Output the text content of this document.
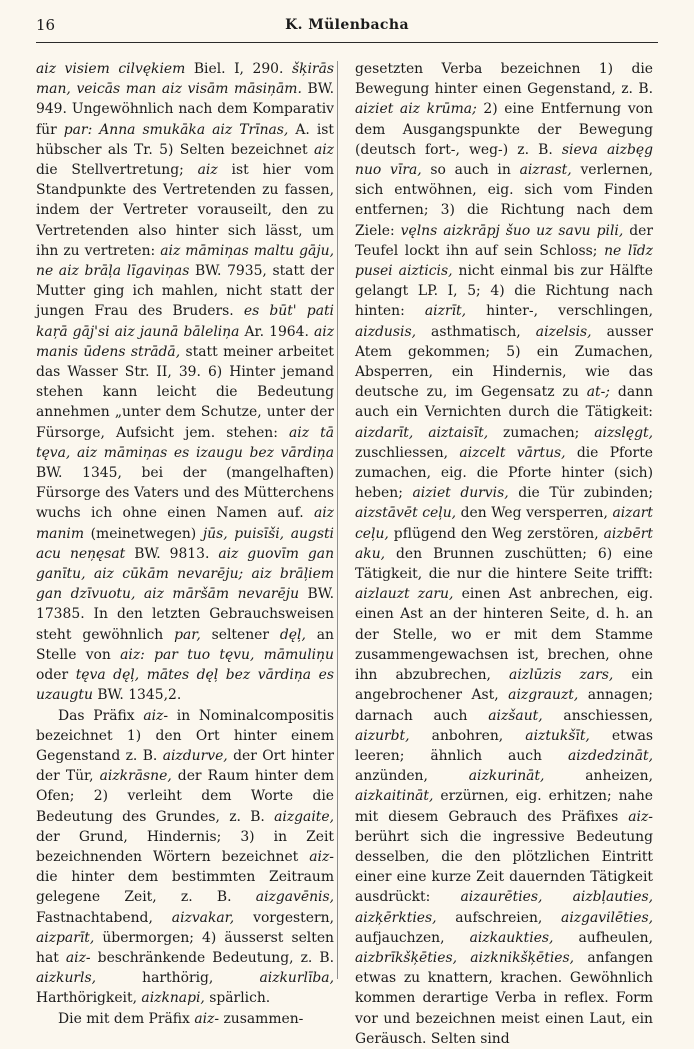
16	K. Mülenbacha

aiz visiem cilvękiem Biel. I, 290. šķirās man, veicās man aiz visām māsiņām. BW. 949. Ungewöhnlich nach dem Komparativ für par: Anna smukāka aiz Trīnas, A. ist hübscher als Tr. 5) Selten bezeichnet aiz die Stellvertretung; aiz ist hier vom Standpunkte des Vertretenden zu fassen, indem der Vertreter vorauseilt, den zu Vertretenden also hinter sich lässt, um ihn zu vertreten: aiz māmiņas maltu gāju, ne aiz brāļa līgaviņas BW. 7935, statt der Mutter ging ich mahlen, nicht statt der jungen Frau des Bruders. es būt' pati kaŗā gāj'si aiz jaunā bāleliņa Ar. 1964. aiz manis ūdens strādā, statt meiner arbeitet das Wasser Str. II, 39. 6) Hinter jemand stehen kann leicht die Bedeutung annehmen „unter dem Schutze, unter der Fürsorge, Aufsicht jem. stehen: aiz tā tęva, aiz māmiņas es izaugu bez vārdiņa BW. 1345, bei der (mangelhaften) Fürsorge des Vaters und des Mütterchens wuchs ich ohne einen Namen auf. aiz manim (meinetwegen) jūs, puisīši, augsti acu neņęsat BW. 9813. aiz guovīm gan ganītu, aiz cūkām nevarēju; aiz brāļiem gan dzīvuotu, aiz māršām nevarēju BW. 17385. In den letzten Gebrauchsweisen steht gewöhnlich par, seltener dęļ, an Stelle von aiz: par tuo tęvu, māmuliņu oder tęva dęļ, mātes dęļ bez vārdiņa es uzaugtu BW. 1345,2.

Das Präfix aiz- in Nominalcompositis bezeichnet 1) den Ort hinter einem Gegenstand z. B. aizdurve, der Ort hinter der Tür, aizkrāsne, der Raum hinter dem Ofen; 2) verleiht dem Worte die Bedeutung des Grundes, z. B. aizgaite, der Grund, Hindernis; 3) in Zeit bezeichnenden Wörtern bezeichnet aiz- die hinter dem bestimmten Zeitraum gelegene Zeit, z. B. aizgavēnis, Fastnachtabend, aizvakar, vorgestern, aizparīt, übermorgen; 4) äusserst selten hat aiz- beschränkende Bedeutung, z. B. aizkurls, harthörig, aizkurlība, Harthörigkeit, aizknapi, spärlich.

Die mit dem Präfix aiz- zusammen-

gesetzten Verba bezeichnen 1) die Bewegung hinter einen Gegenstand, z. B. aiziet aiz krūma; 2) eine Entfernung von dem Ausgangspunkte der Bewegung (deutsch fort-, weg-) z. B. sieva aizbęg nuo vīra, so auch in aizrast, verlernen, sich entwöhnen, eig. sich vom Finden entfernen; 3) die Richtung nach dem Ziele: vęlns aizkrāpj šuo uz savu pili, der Teufel lockt ihn auf sein Schloss; ne līdz pusei aizticis, nicht einmal bis zur Hälfte gelangt LP. I, 5; 4) die Richtung nach hinten: aizrīt, hinter-, verschlingen, aizdusis, asthmatisch, aizelsis, ausser Atem gekommen; 5) ein Zumachen, Absperren, ein Hindernis, wie das deutsche zu, im Gegensatz zu at-; dann auch ein Vernichten durch die Tätigkeit: aizdarīt, aiztaisīt, zumachen; aizslęgt, zuschliessen, aizcelt vārtus, die Pforte zumachen, eig. die Pforte hinter (sich) heben; aiziet durvis, die Tür zubinden; aizstāvēt ceļu, den Weg versperren, aizart ceļu, pflügend den Weg zerstören, aizbērt aku, den Brunnen zuschütten; 6) eine Tätigkeit, die nur die hintere Seite trifft: aizlauzt zaru, einen Ast anbrechen, eig. einen Ast an der hinteren Seite, d. h. an der Stelle, wo er mit dem Stamme zusammengewachsen ist, brechen, ohne ihn abzubrechen, aizlūzis zars, ein angebrochener Ast, aizgrauzt, annagen; darnach auch aizšaut, anschiessen, aizurbt, anbohren, aiztukšīt, etwas leeren; ähnlich auch aizdedzināt, anzünden, aizkurināt, anheizen, aizkaitināt, erzürnen, eig. erhitzen; nahe mit diesem Gebrauch des Präfixes aiz- berührt sich die ingressive Bedeutung desselben, die den plötzlichen Eintritt einer eine kurze Zeit dauernden Tätigkeit ausdrückt: aizaurēties, aizbļauties, aizķērkties, aufschreien, aizgavilēties, aufjauchzen, aizkaukties, aufheulen, aizbrīkšķēties, aizknikšķēties, anfangen etwas zu knattern, krachen. Gewöhnlich kommen derartige Verba in reflex. Form vor und bezeichnen meist einen Laut, ein Geräusch. Selten sind
